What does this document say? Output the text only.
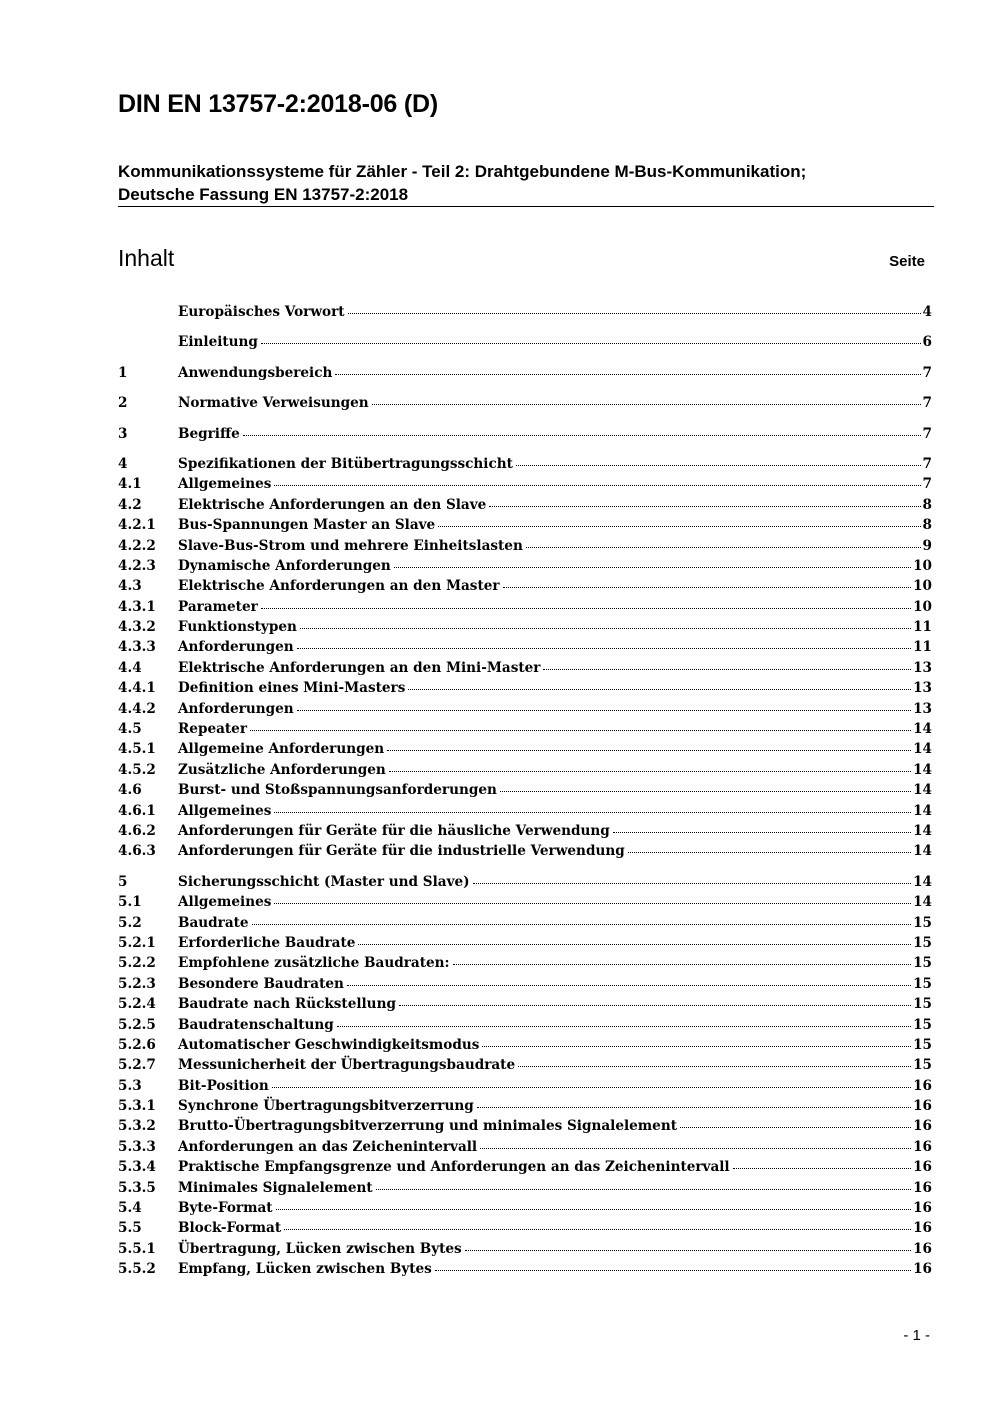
DIN EN 13757-2:2018-06 (D)
Kommunikationssysteme für Zähler - Teil 2: Drahtgebundene M-Bus-Kommunikation;
Deutsche Fassung EN 13757-2:2018
Inhalt	Seite
Europäisches Vorwort	4
Einleitung	6
1	Anwendungsbereich	7
2	Normative Verweisungen	7
3	Begriffe	7
4	Spezifikationen der Bitübertragungsschicht	7
4.1	Allgemeines	7
4.2	Elektrische Anforderungen an den Slave	8
4.2.1	Bus-Spannungen Master an Slave	8
4.2.2	Slave-Bus-Strom und mehrere Einheitslasten	9
4.2.3	Dynamische Anforderungen	10
4.3	Elektrische Anforderungen an den Master	10
4.3.1	Parameter	10
4.3.2	Funktionstypen	11
4.3.3	Anforderungen	11
4.4	Elektrische Anforderungen an den Mini-Master	13
4.4.1	Definition eines Mini-Masters	13
4.4.2	Anforderungen	13
4.5	Repeater	14
4.5.1	Allgemeine Anforderungen	14
4.5.2	Zusätzliche Anforderungen	14
4.6	Burst- und Stoßspannungsanforderungen	14
4.6.1	Allgemeines	14
4.6.2	Anforderungen für Geräte für die häusliche Verwendung	14
4.6.3	Anforderungen für Geräte für die industrielle Verwendung	14
5	Sicherungsschicht (Master und Slave)	14
5.1	Allgemeines	14
5.2	Baudrate	15
5.2.1	Erforderliche Baudrate	15
5.2.2	Empfohlene zusätzliche Baudraten:	15
5.2.3	Besondere Baudraten	15
5.2.4	Baudrate nach Rückstellung	15
5.2.5	Baudratenschaltung	15
5.2.6	Automatischer Geschwindigkeitsmodus	15
5.2.7	Messunicherheit der Übertragungsbaudrate	15
5.3	Bit-Position	16
5.3.1	Synchrone Übertragungsbitverzerrung	16
5.3.2	Brutto-Übertragungsbitverzerrung und minimales Signalelement	16
5.3.3	Anforderungen an das Zeichenintervall	16
5.3.4	Praktische Empfangsgrenze und Anforderungen an das Zeichenintervall	16
5.3.5	Minimales Signalelement	16
5.4	Byte-Format	16
5.5	Block-Format	16
5.5.1	Übertragung, Lücken zwischen Bytes	16
5.5.2	Empfang, Lücken zwischen Bytes	16
- 1 -
